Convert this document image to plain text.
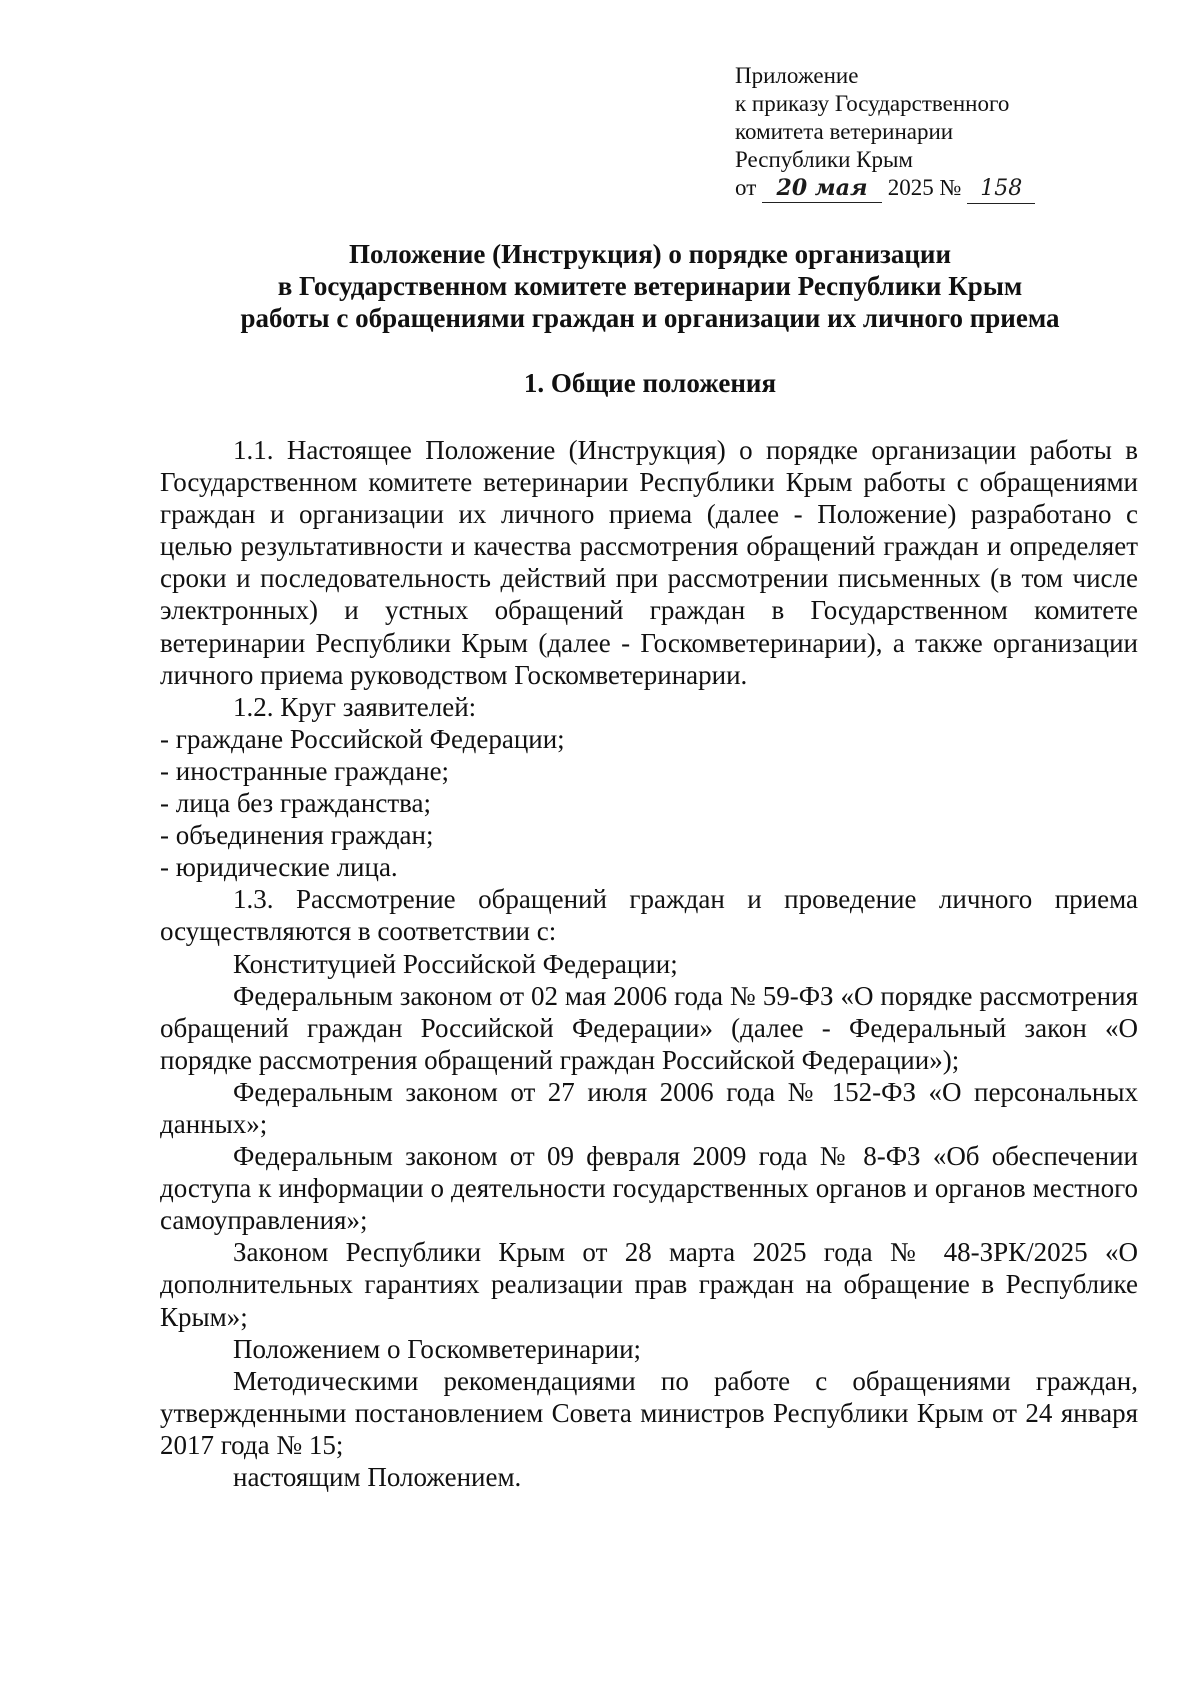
Приложение
к приказу Государственного
комитета ветеринарии
Республики Крым
от 20 мая 2025 № 158
Положение (Инструкция) о порядке организации
в Государственном комитете ветеринарии Республики Крым
работы с обращениями граждан и организации их личного приема
1. Общие положения

1.1. Настоящее Положение (Инструкция) о порядке организации работы в Государственном комитете ветеринарии Республики Крым работы с обращениями граждан и организации их личного приема (далее - Положение) разработано с целью результативности и качества рассмотрения обращений граждан и определяет сроки и последовательность действий при рассмотрении письменных (в том числе электронных) и устных обращений граждан в Государственном комитете ветеринарии Республики Крым (далее - Госкомветеринарии), а также организации личного приема руководством Госкомветеринарии.

1.2. Круг заявителей:

- граждане Российской Федерации;

- иностранные граждане;

- лица без гражданства;

- объединения граждан;

- юридические лица.

1.3. Рассмотрение обращений граждан и проведение личного приема осуществляются в соответствии с:

Конституцией Российской Федерации;

Федеральным законом от 02 мая 2006 года № 59-ФЗ «О порядке рассмотрения обращений граждан Российской Федерации» (далее - Федеральный закон «О порядке рассмотрения обращений граждан Российской Федерации»);

Федеральным законом от 27 июля 2006 года № 152-ФЗ «О персональных данных»;

Федеральным законом от 09 февраля 2009 года № 8-ФЗ «Об обеспечении доступа к информации о деятельности государственных органов и органов местного самоуправления»;

Законом Республики Крым от 28 марта 2025 года № 48-ЗРК/2025 «О дополнительных гарантиях реализации прав граждан на обращение в Республике Крым»;

Положением о Госкомветеринарии;

Методическими рекомендациями по работе с обращениями граждан, утвержденными постановлением Совета министров Республики Крым от 24 января 2017 года № 15;

настоящим Положением.
